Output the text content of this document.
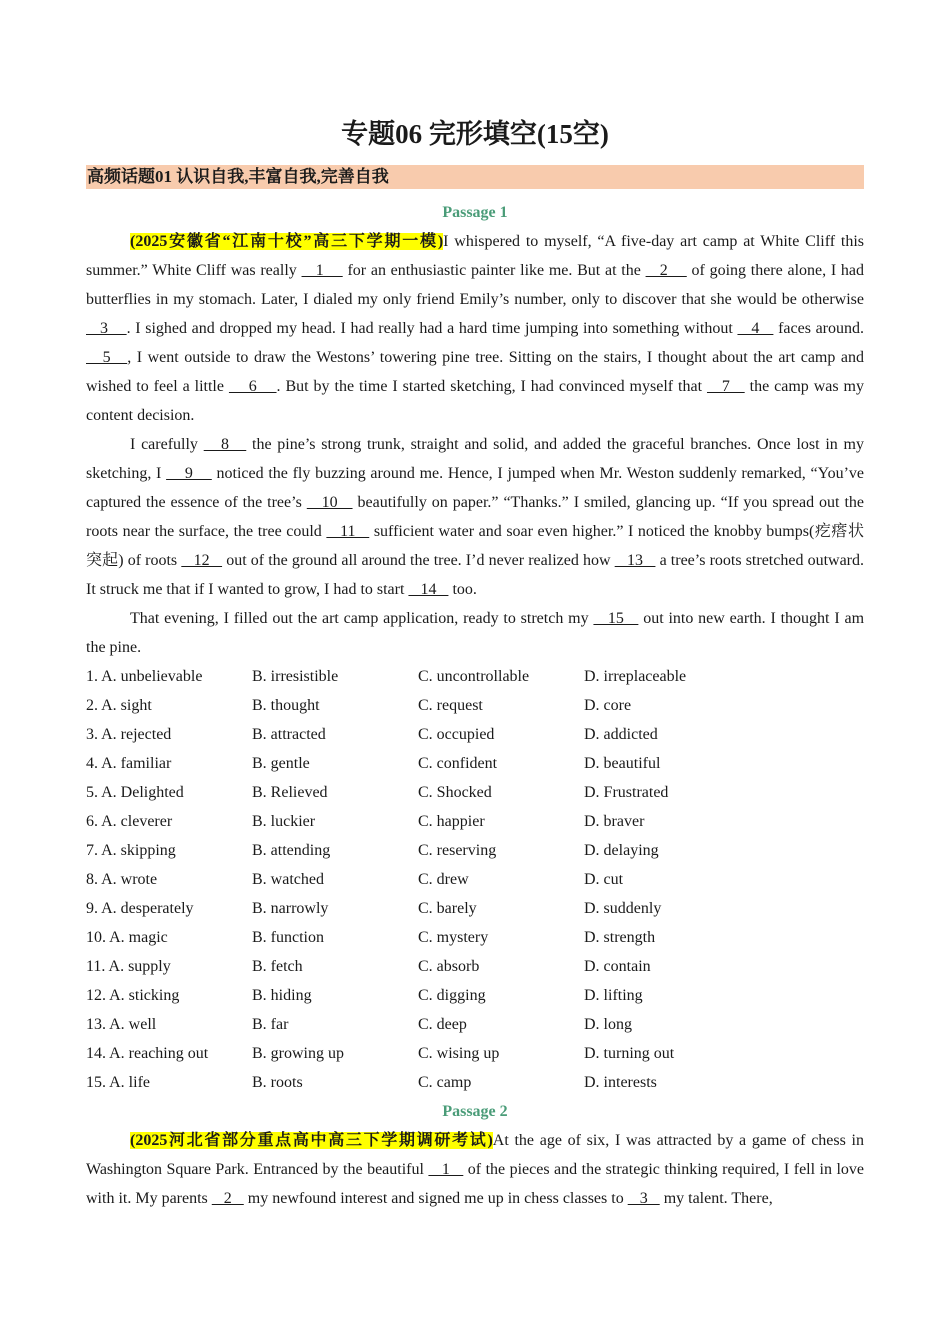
专题06 完形填空(15空)
高频话题01 认识自我,丰富自我,完善自我
Passage 1

(2025安徽省“江南十校”高三下学期一模)I whispered to myself, “A five-day art camp at White Cliff this summer.” White Cliff was really    1     for an enthusiastic painter like me. But at the    2     of going there alone, I had butterflies in my stomach. Later, I dialed my only friend Emily’s number, only to discover that she would be otherwise    3    . I sighed and dropped my head. I had really had a hard time jumping into something without    4    faces around.    5   , I went outside to draw the Westons’ towering pine tree. Sitting on the stairs, I thought about the art camp and wished to feel a little     6    . But by the time I started sketching, I had convinced myself that    7    the camp was my content decision.

I carefully    8    the pine’s strong trunk, straight and solid, and added the graceful branches. Once lost in my sketching, I     9     noticed the fly buzzing around me. Hence, I jumped when Mr. Weston suddenly remarked, “You’ve captured the essence of the tree’s    10    beautifully on paper.” “Thanks.” I smiled, glancing up. “If you spread out the roots near the surface, the tree could    11    sufficient water and soar even higher.” I noticed the knobby bumps(疙瘩状突起) of roots    12    out of the ground all around the tree. I’d never realized how    13    a tree’s roots stretched outward. It struck me that if I wanted to grow, I had to start    14    too.

That evening, I filled out the art camp application, ready to stretch my    15    out into new earth. I thought I am the pine.

1. A. unbelievable	B. irresistible	C. uncontrollable	D. irreplaceable
2. A. sight	B. thought	C. request	D. core
3. A. rejected	B. attracted	C. occupied	D. addicted
4. A. familiar	B. gentle	C. confident	D. beautiful
5. A. Delighted	B. Relieved	C. Shocked	D. Frustrated
6. A. cleverer	B. luckier	C. happier	D. braver
7. A. skipping	B. attending	C. reserving	D. delaying
8. A. wrote	B. watched	C. drew	D. cut
9. A. desperately	B. narrowly	C. barely	D. suddenly
10. A. magic	B. function	C. mystery	D. strength
11. A. supply	B. fetch	C. absorb	D. contain
12. A. sticking	B. hiding	C. digging	D. lifting
13. A. well	B. far	C. deep	D. long
14. A. reaching out	B. growing up	C. wising up	D. turning out
15. A. life	B. roots	C. camp	D. interests
Passage 2

(2025河北省部分重点高中高三下学期调研考试)At the age of six, I was attracted by a game of chess in Washington Square Park. Entranced by the beautiful    1    of the pieces and the strategic thinking required, I fell in love with it. My parents    2    my newfound interest and signed me up in chess classes to    3    my talent. There,
